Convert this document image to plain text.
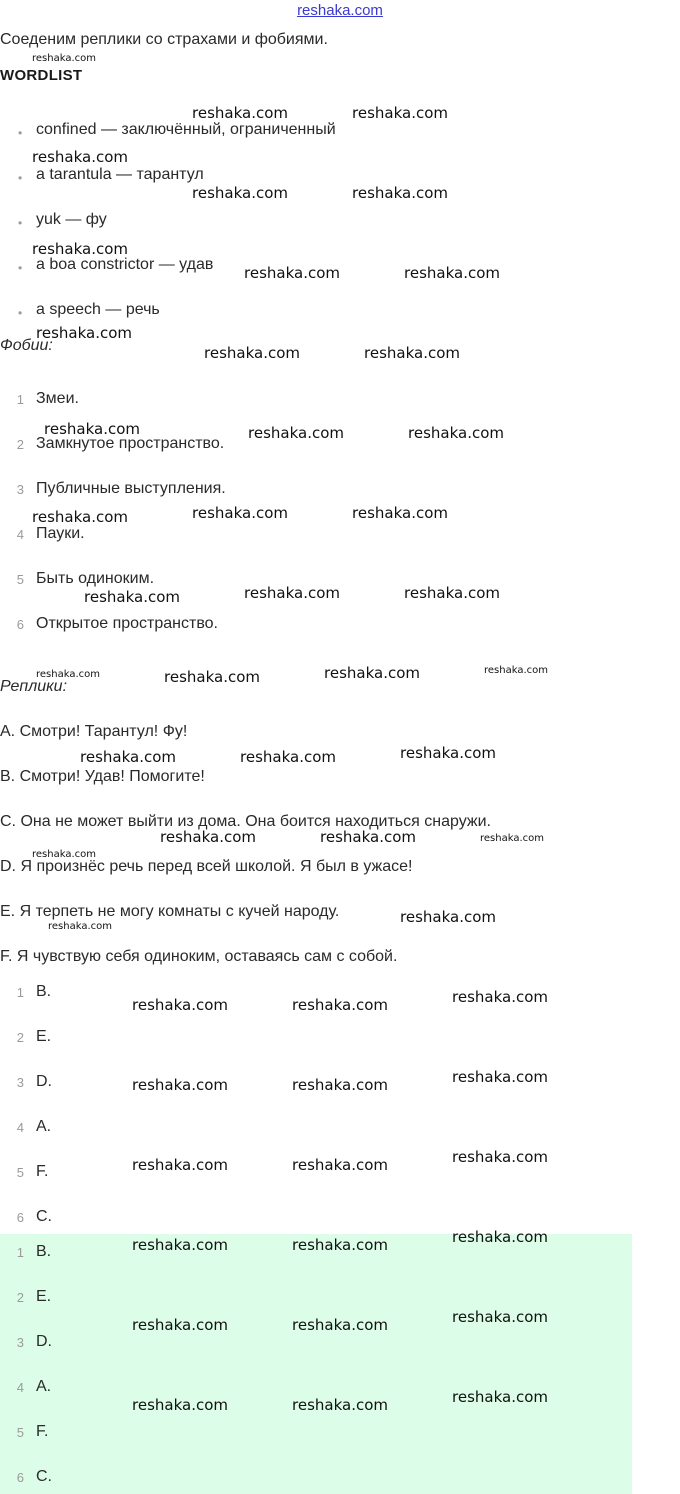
reshaka.com
Соеденим реплики со страхами и фобиями.
WORDLIST
• confined — заключённый, ограниченный
• a tarantula — тарантул
• yuk — фу
• a boa constrictor — удав
• a speech — речь
Фобии:
1 Змеи.
2 Замкнутое пространство.
3 Публичные выступления.
4 Пауки.
5 Быть одиноким.
6 Открытое пространство.
Реплики:
A. Смотри! Тарантул! Фу!
B. Смотри! Удав! Помогите!
C. Она не может выйти из дома. Она боится находиться снаружи.
D. Я произнёс речь перед всей школой. Я был в ужасе!
E. Я терпеть не могу комнаты с кучей народу.
F. Я чувствую себя одиноким, оставаясь сам с собой.
1 B.
2 E.
3 D.
4 A.
5 F.
6 C.
1 B.
2 E.
3 D.
4 A.
5 F.
6 C.
reshaka.com
reshaka.com	reshaka.com
reshaka.com
reshaka.com	reshaka.com
reshaka.com
reshaka.com	reshaka.com
reshaka.com
reshaka.com	reshaka.com
reshaka.com	reshaka.com	reshaka.com
reshaka.com	reshaka.com	reshaka.com
reshaka.com	reshaka.com	reshaka.com
reshaka.com	reshaka.com	reshaka.com	reshaka.com
reshaka.com	reshaka.com	reshaka.com
reshaka.com	reshaka.com	reshaka.com
reshaka.com
reshaka.com
reshaka.com
reshaka.com	reshaka.com	reshaka.com
reshaka.com	reshaka.com	reshaka.com
reshaka.com	reshaka.com	reshaka.com
reshaka.com	reshaka.com	reshaka.com
reshaka.com	reshaka.com	reshaka.com
reshaka.com	reshaka.com	reshaka.com
